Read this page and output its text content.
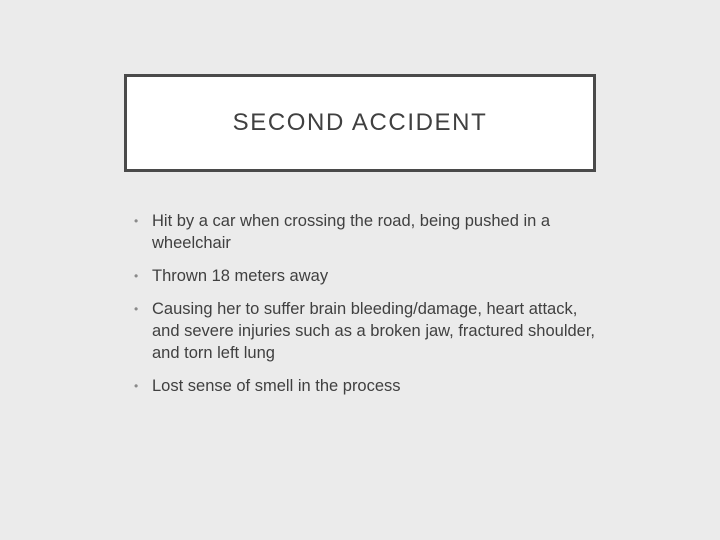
SECOND ACCIDENT
• Hit by a car when crossing the road, being pushed in a wheelchair
• Thrown 18 meters away
• Causing her to suffer brain bleeding/damage, heart attack, and severe injuries such as a broken jaw, fractured shoulder, and torn left lung
• Lost sense of smell in the process
